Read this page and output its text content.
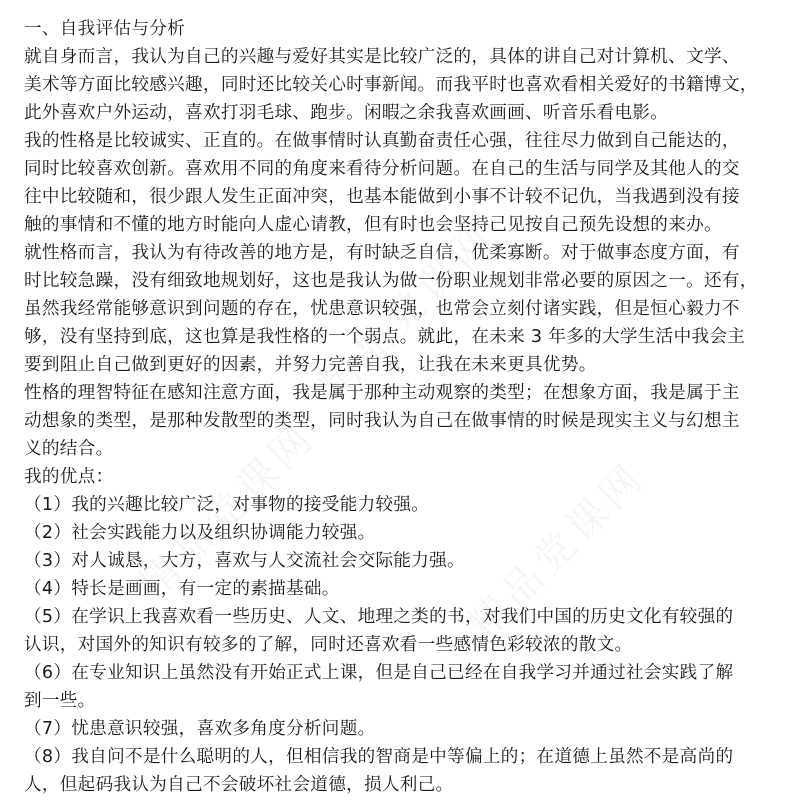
一、自我评估与分析
就自身而言，我认为自己的兴趣与爱好其实是比较广泛的，具体的讲自己对计算机、文学、
美术等方面比较感兴趣，同时还比较关心时事新闻。而我平时也喜欢看相关爱好的书籍博文，
此外喜欢户外运动，喜欢打羽毛球、跑步。闲暇之余我喜欢画画、听音乐看电影。
我的性格是比较诚实、正直的。在做事情时认真勤奋责任心强，往往尽力做到自己能达的，
同时比较喜欢创新。喜欢用不同的角度来看待分析问题。在自己的生活与同学及其他人的交
往中比较随和，很少跟人发生正面冲突，也基本能做到小事不计较不记仇，当我遇到没有接
触的事情和不懂的地方时能向人虚心请教，但有时也会坚持己见按自己预先设想的来办。
就性格而言，我认为有待改善的地方是，有时缺乏自信，优柔寡断。对于做事态度方面，有
时比较急躁，没有细致地规划好，这也是我认为做一份职业规划非常必要的原因之一。还有，
虽然我经常能够意识到问题的存在，忧患意识较强，也常会立刻付诸实践，但是恒心毅力不
够，没有坚持到底，这也算是我性格的一个弱点。就此，在未来 3 年多的大学生活中我会主
要到阻止自己做到更好的因素，并努力完善自我，让我在未来更具优势。
性格的理智特征在感知注意方面，我是属于那种主动观察的类型；在想象方面，我是属于主
动想象的类型，是那种发散型的类型，同时我认为自己在做事情的时候是现实主义与幻想主
义的结合。
我的优点：
（1）我的兴趣比较广泛，对事物的接受能力较强。
（2）社会实践能力以及组织协调能力较强。
（3）对人诚恳，大方，喜欢与人交流社会交际能力强。
（4）特长是画画，有一定的素描基础。
（5）在学识上我喜欢看一些历史、人文、地理之类的书，对我们中国的历史文化有较强的
认识，对国外的知识有较多的了解，同时还喜欢看一些感情色彩较浓的散文。
（6）在专业知识上虽然没有开始正式上课，但是自己已经在自我学习并通过社会实践了解
到一些。
（7）忧患意识较强，喜欢多角度分析问题。
（8）我自问不是什么聪明的人，但相信我的智商是中等偏上的；在道德上虽然不是高尚的
人，但起码我认为自己不会破坏社会道德，损人利己。
